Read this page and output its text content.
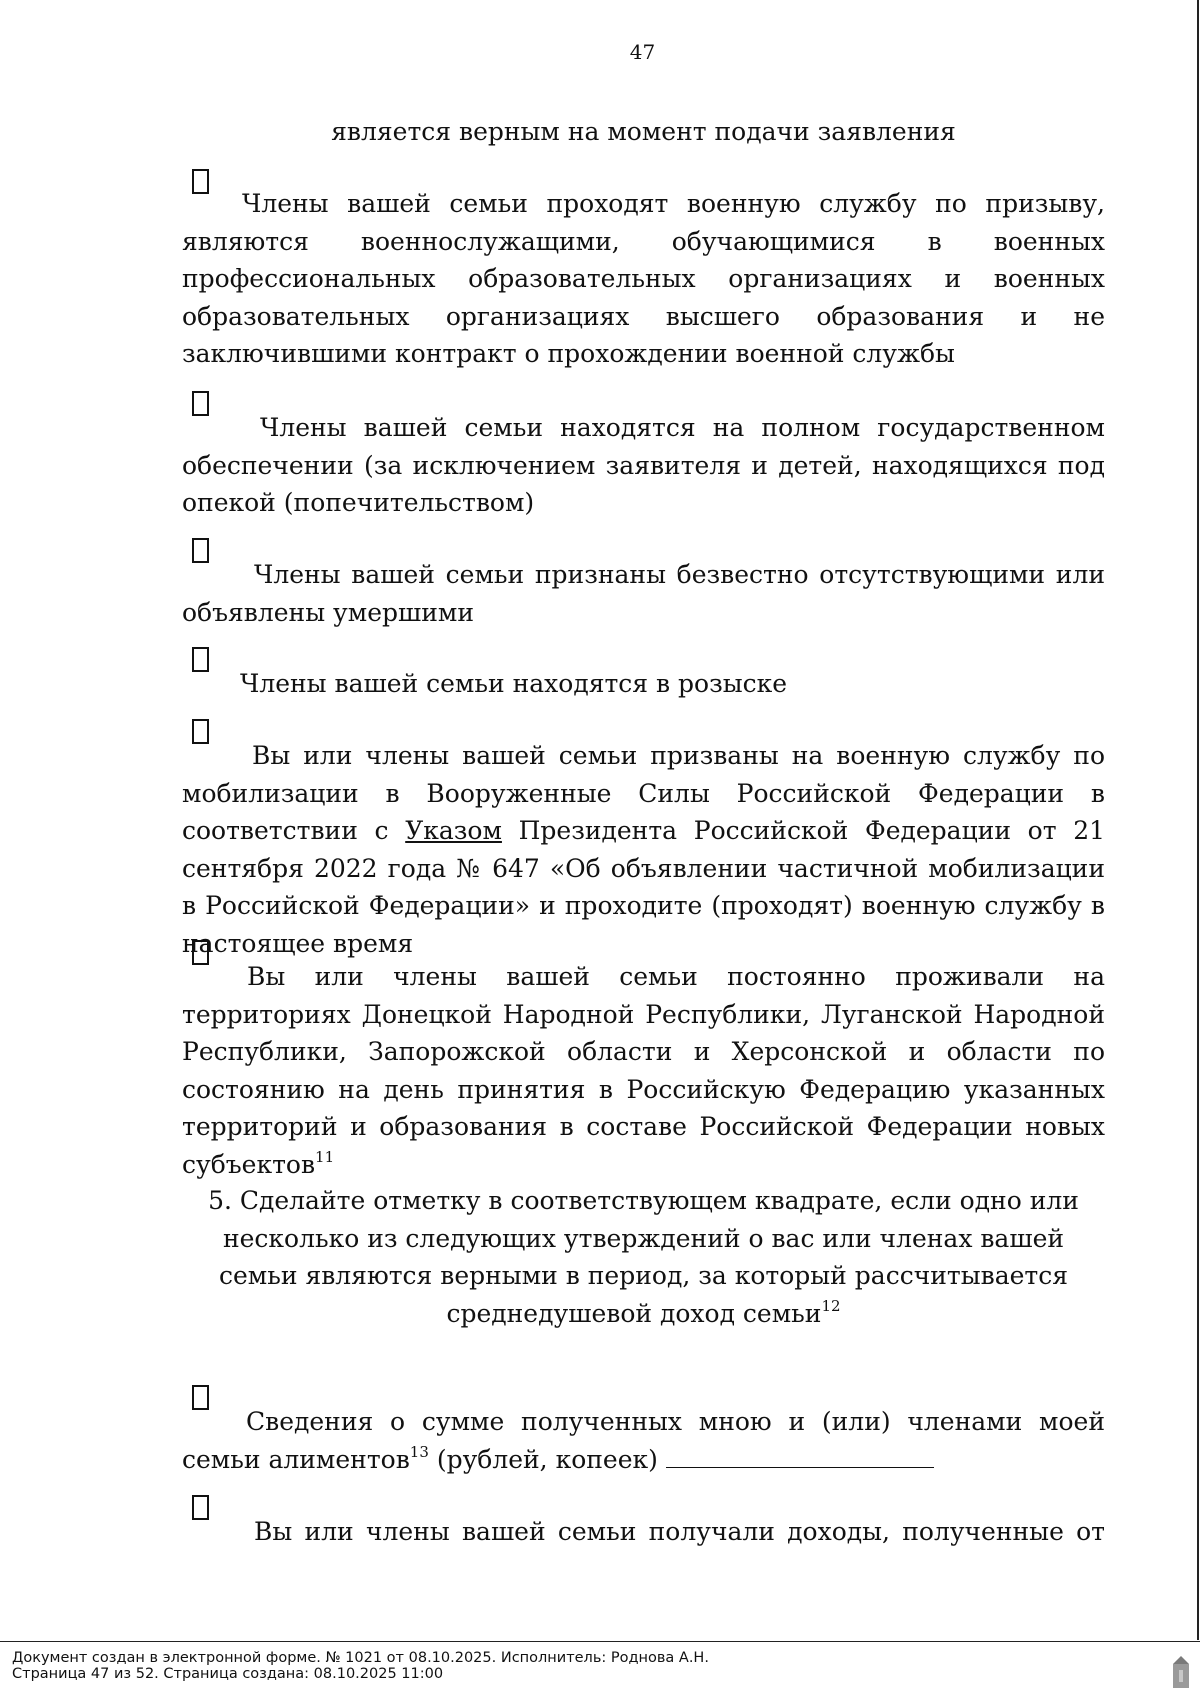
47
является верным на момент подачи заявления

Члены вашей семьи проходят военную службу по призыву, являются военнослужащими, обучающимися в военных профессиональных образовательных организациях и военных образовательных организациях высшего образования и не заключившими контракт о прохождении военной службы

Члены вашей семьи находятся на полном государственном обеспечении (за исключением заявителя и детей, находящихся под опекой (попечительством)

Члены вашей семьи признаны безвестно отсутствующими или объявлены умершими

Члены вашей семьи находятся в розыске

Вы или члены вашей семьи призваны на военную службу по мобилизации в Вооруженные Силы Российской Федерации в соответствии с Указом Президента Российской Федерации от 21 сентября 2022 года № 647 «Об объявлении частичной мобилизации в Российской Федерации» и проходите (проходят) военную службу в настоящее время

Вы или члены вашей семьи постоянно проживали на территориях Донецкой Народной Республики, Луганской Народной Республики, Запорожской области и Херсонской и области по состоянию на день принятия в Российскую Федерацию указанных территорий и образования в составе Российской Федерации новых субъектов$^{11}$

5. Сделайте отметку в соответствующем квадрате, если одно или несколько из следующих утверждений о вас или членах вашей семьи являются верными в период, за который рассчитывается среднедушевой доход семьи$^{12}$

Сведения о сумме полученных мною и (или) членами моей семьи алиментов$^{13}$ (рублей, копеек)

Вы или члены вашей семьи получали доходы, полученные от

Документ создан в электронной форме. № 1021 от 08.10.2025. Исполнитель: Роднова А.Н.
Страница 47 из 52. Страница создана: 08.10.2025 11:00
